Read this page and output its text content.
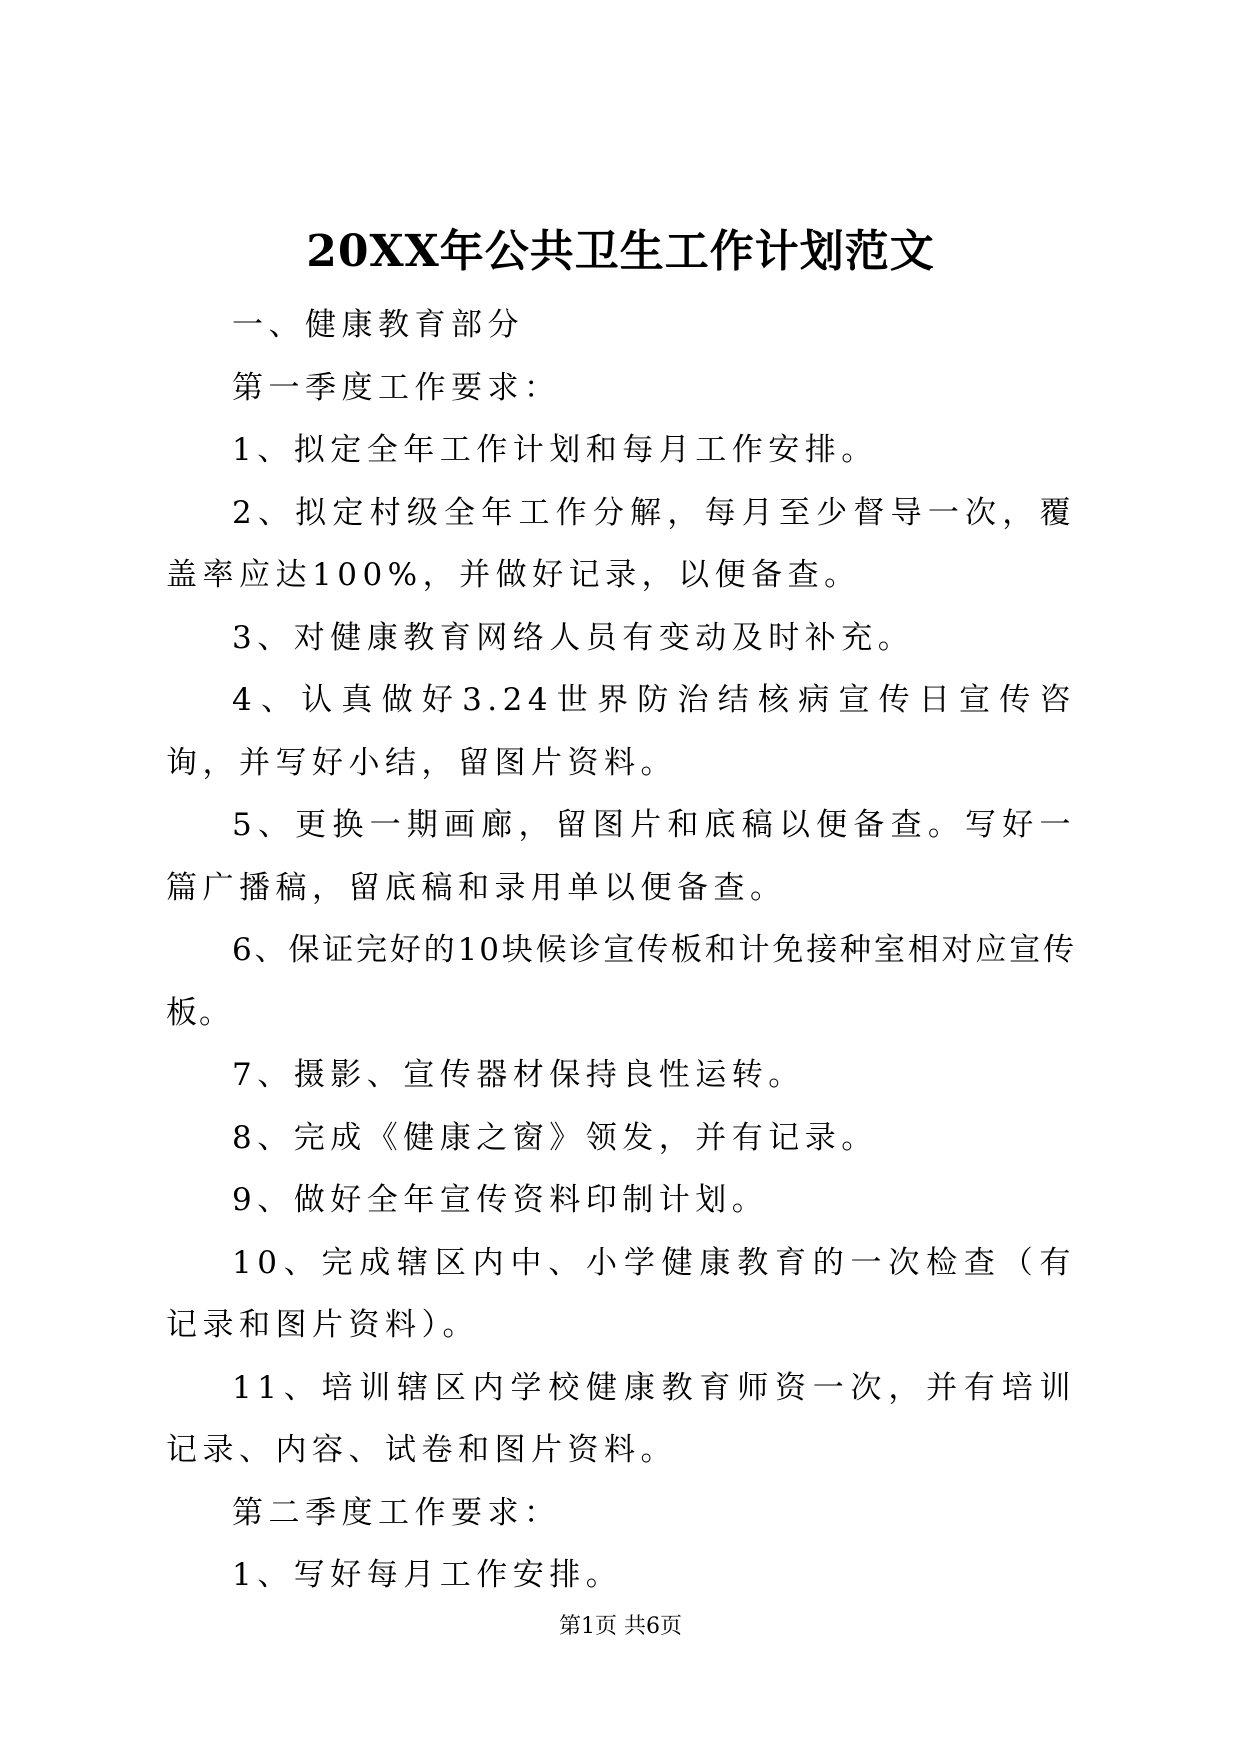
20XX年公共卫生工作计划范文

一、健康教育部分

第一季度工作要求：

1、拟定全年工作计划和每月工作安排。

2、拟定村级全年工作分解，每月至少督导一次，覆盖率应达100%，并做好记录，以便备查。

3、对健康教育网络人员有变动及时补充。

4、认真做好3.24世界防治结核病宣传日宣传咨询，并写好小结，留图片资料。

5、更换一期画廊，留图片和底稿以便备查。写好一篇广播稿，留底稿和录用单以便备查。

6、保证完好的10块候诊宣传板和计免接种室相对应宣传板。

7、摄影、宣传器材保持良性运转。

8、完成《健康之窗》领发，并有记录。

9、做好全年宣传资料印制计划。

10、完成辖区内中、小学健康教育的一次检查（有记录和图片资料）。

11、培训辖区内学校健康教育师资一次，并有培训记录、内容、试卷和图片资料。

第二季度工作要求：

1、写好每月工作安排。

第1页 共6页
